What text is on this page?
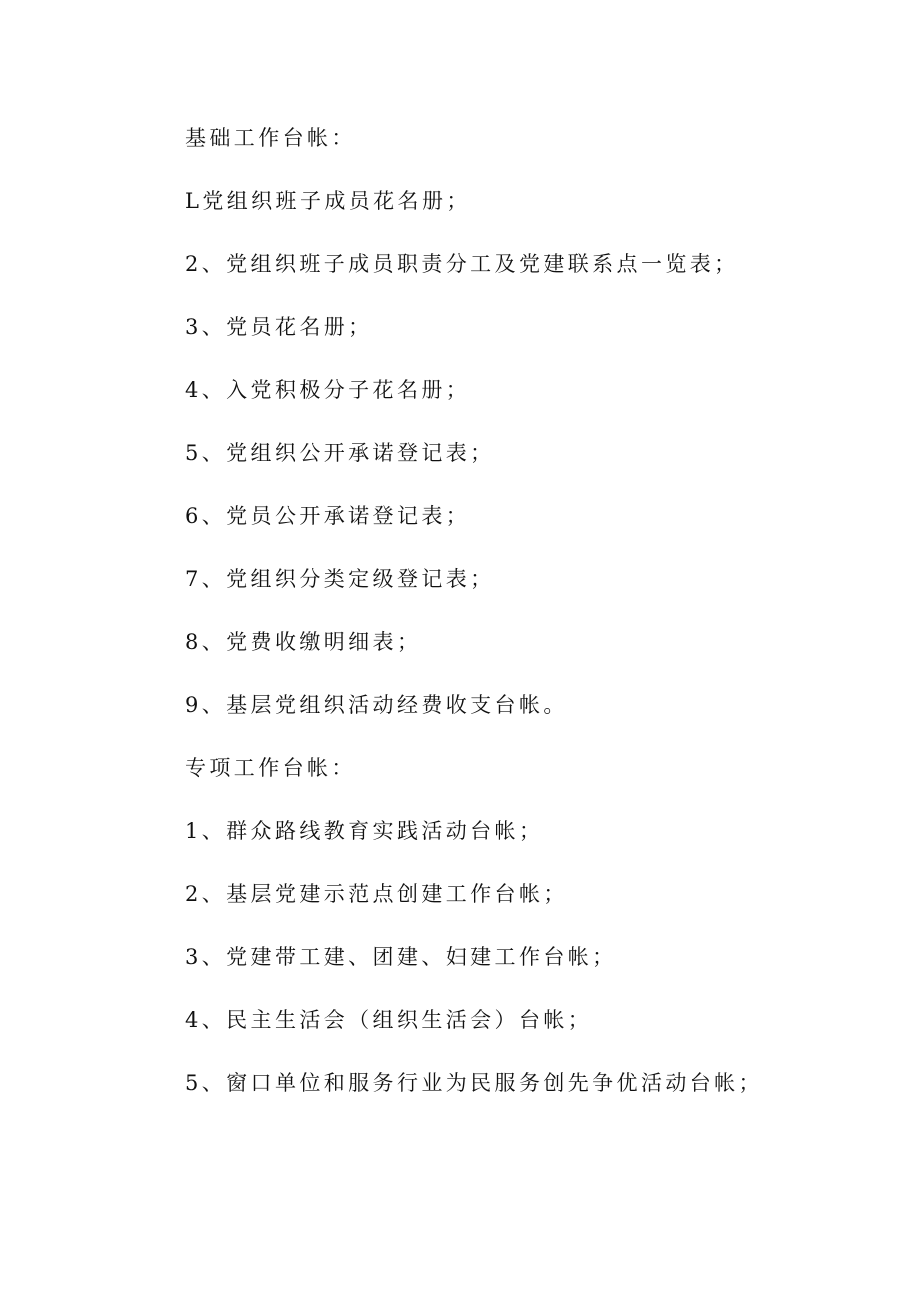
基础工作台帐：
L党组织班子成员花名册；
2、党组织班子成员职责分工及党建联系点一览表；
3、党员花名册；
4、入党积极分子花名册；
5、党组织公开承诺登记表；
6、党员公开承诺登记表；
7、党组织分类定级登记表；
8、党费收缴明细表；
9、基层党组织活动经费收支台帐。
专项工作台帐：
1、群众路线教育实践活动台帐；
2、基层党建示范点创建工作台帐；
3、党建带工建、团建、妇建工作台帐；
4、民主生活会（组织生活会）台帐；
5、窗口单位和服务行业为民服务创先争优活动台帐；
